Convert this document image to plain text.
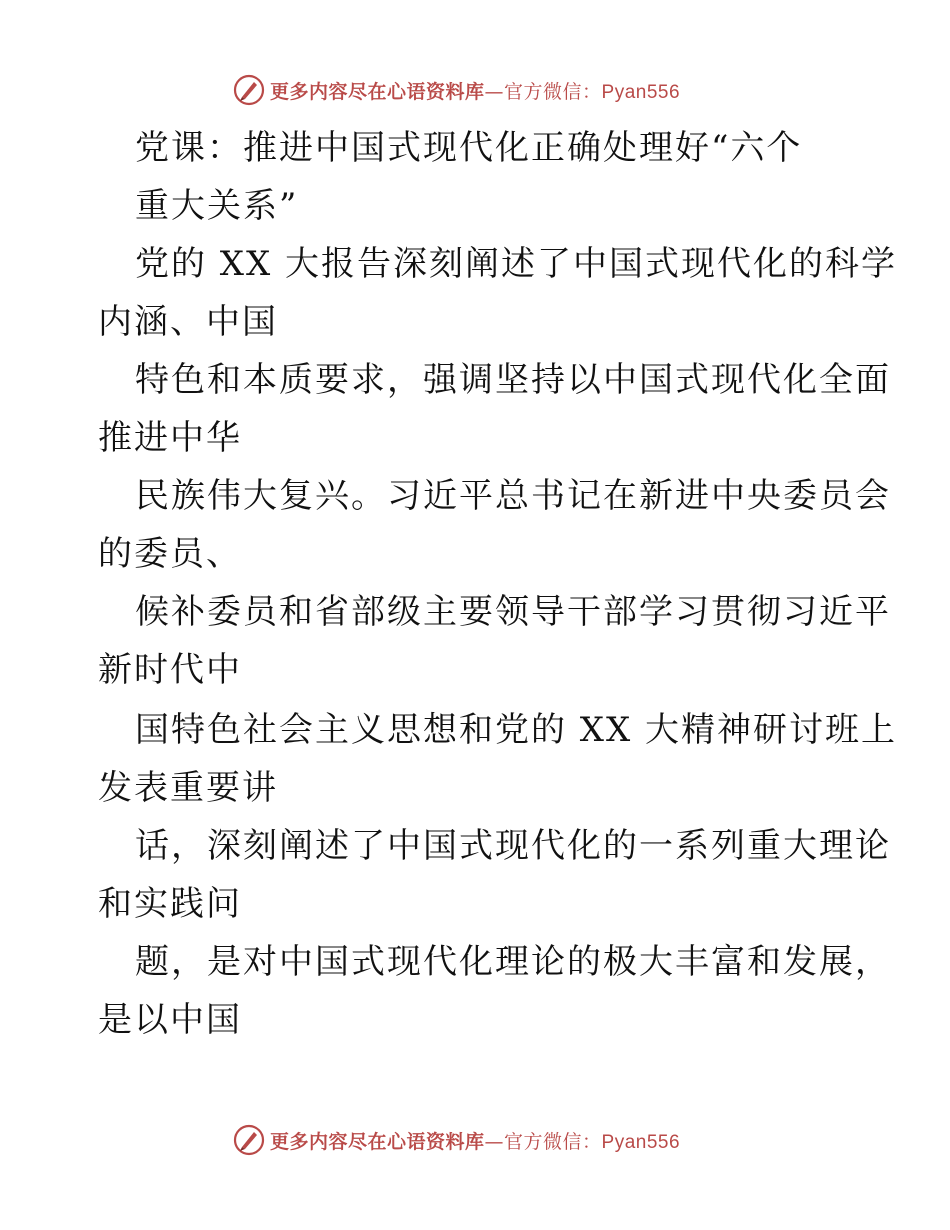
更多内容尽在心语资料库—官方微信：Pyan556
党课：推进中国式现代化正确处理好“六个
重大关系”
党的 XX 大报告深刻阐述了中国式现代化的科学
内涵、中国
特色和本质要求，强调坚持以中国式现代化全面
推进中华
民族伟大复兴。习近平总书记在新进中央委员会
的委员、
候补委员和省部级主要领导干部学习贯彻习近平
新时代中
国特色社会主义思想和党的 XX 大精神研讨班上
发表重要讲
话，深刻阐述了中国式现代化的一系列重大理论
和实践问
题，是对中国式现代化理论的极大丰富和发展，
是以中国
更多内容尽在心语资料库—官方微信：Pyan556
